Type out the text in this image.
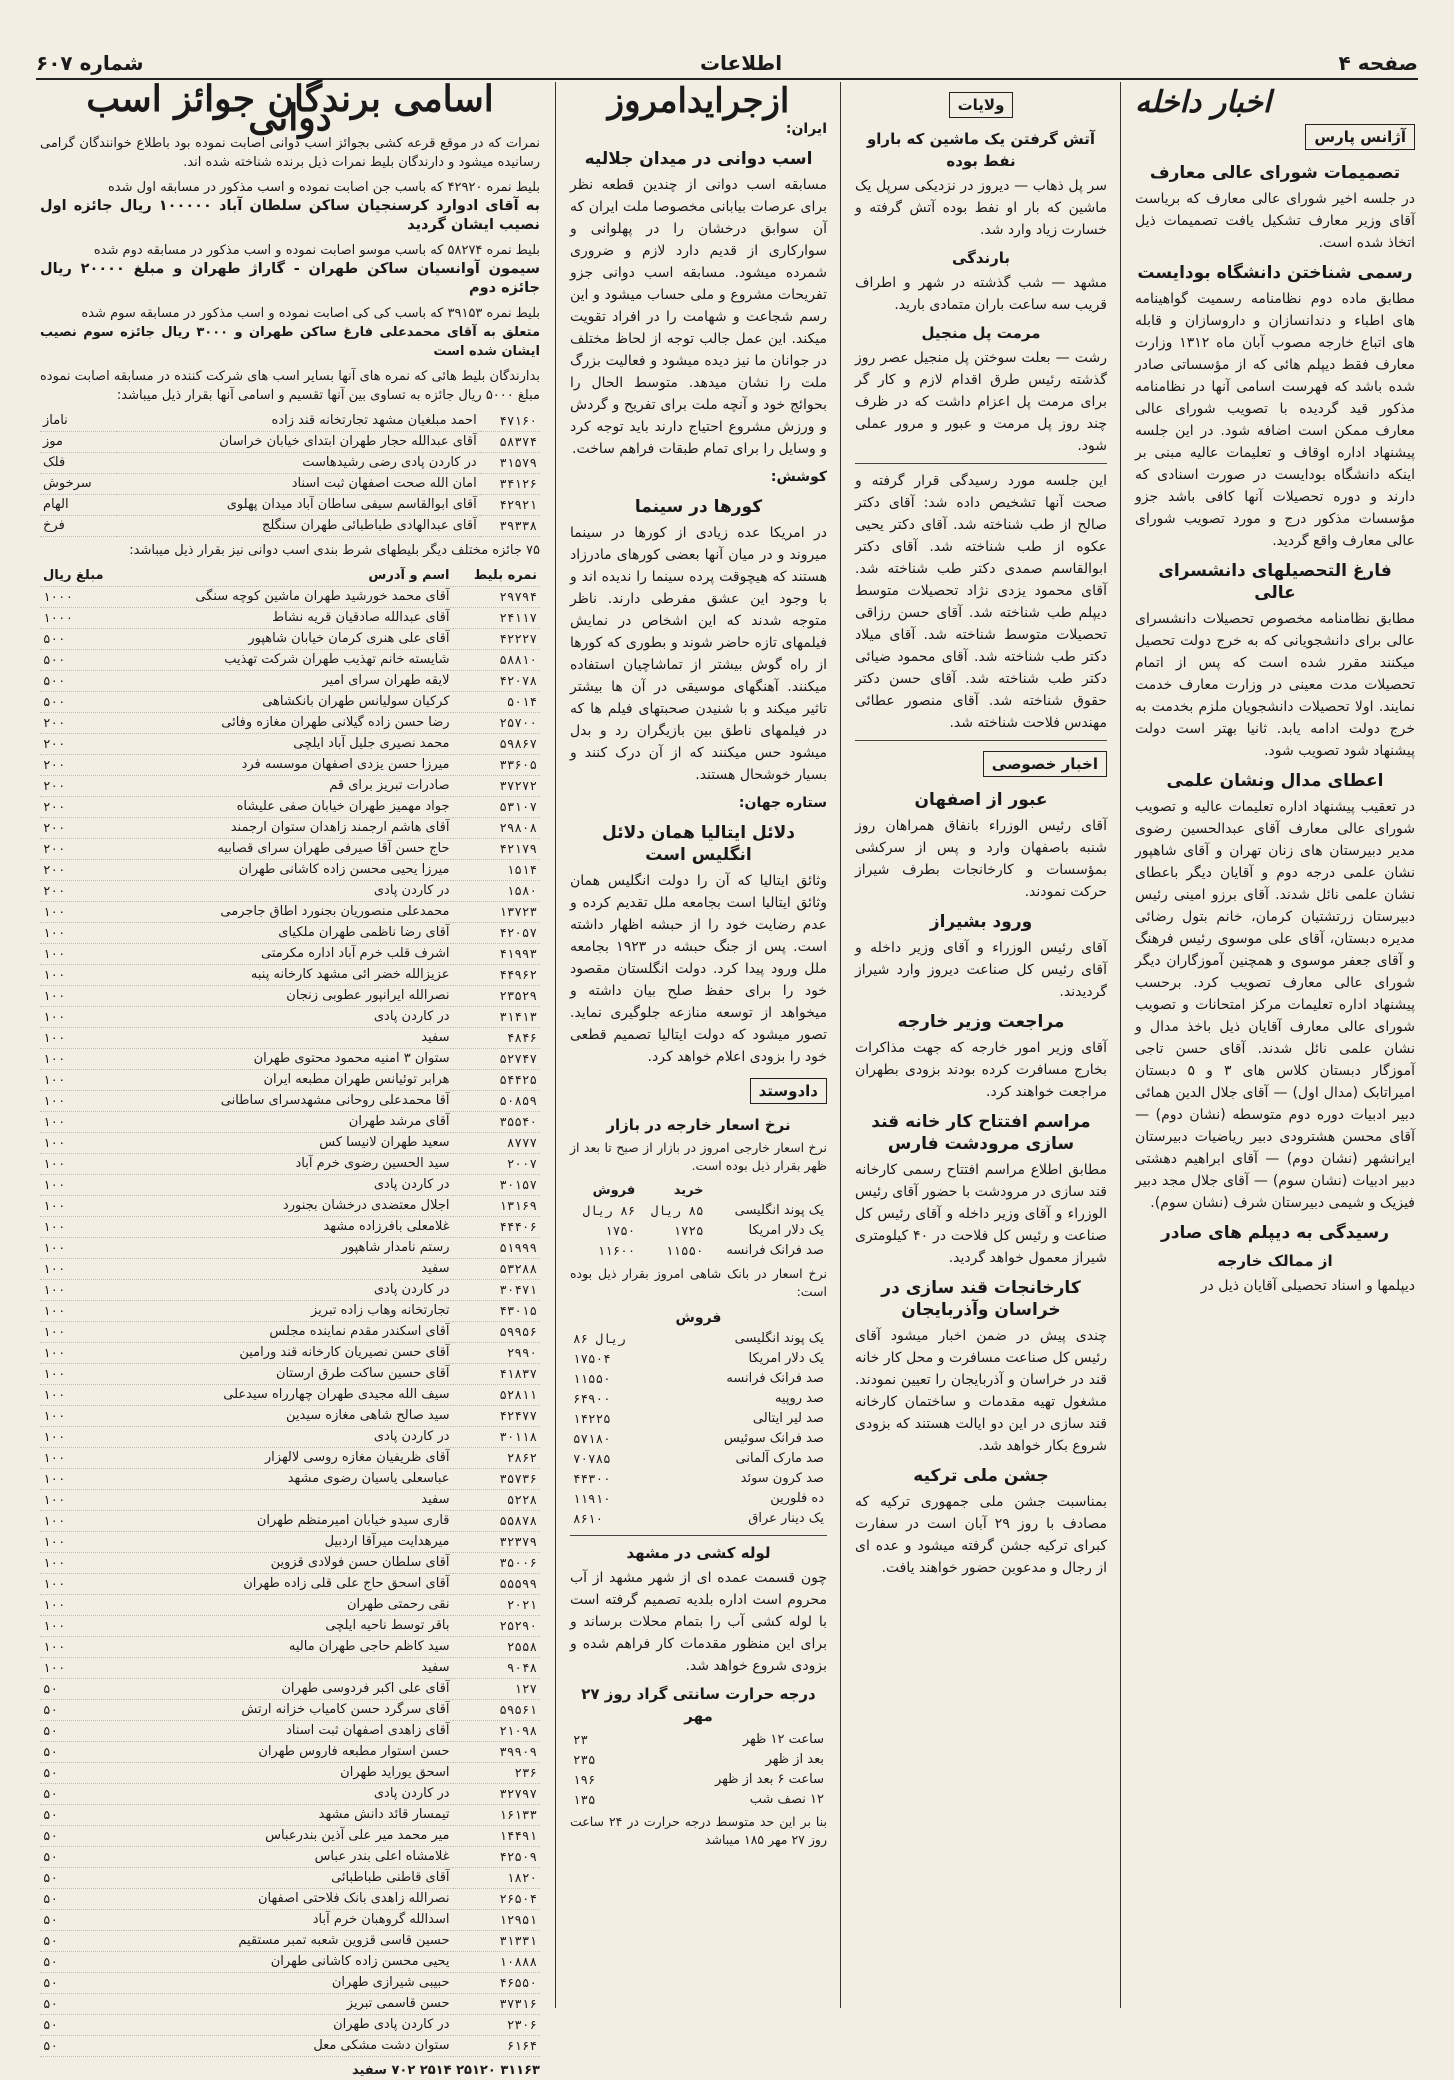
صفحه ۴
اطلاعات
شماره ۶۰۷
اخبار داخله
آژانس پارس
تصمیمات شورای عالی معارف

در جلسه اخیر شورای عالی معارف که بریاست آقای وزیر معارف تشکیل یافت تصمیمات ذیل اتخاذ شده است.

رسمی شناختن دانشگاه بودایست

مطابق ماده دوم نظامنامه رسمیت گواهینامه های اطباء و دندانسازان و داروسازان و قابله های اتباع خارجه مصوب آبان ماه ۱۳۱۲ وزارت معارف فقط دیپلم هائی که از مؤسساتی صادر شده باشد که فهرست اسامی آنها در نظامنامه مذکور قید گردیده با تصویب شورای عالی معارف ممکن است اضافه شود. در این جلسه پیشنهاد اداره اوقاف و تعلیمات عالیه مبنی بر اینکه دانشگاه بودایست در صورت اسنادی که دارند و دوره تحصیلات آنها کافی باشد جزو مؤسسات مذکور درج و مورد تصویب شورای عالی معارف واقع گردید.

فارغ التحصیلهای دانشسرای عالی

مطابق نظامنامه مخصوص تحصیلات دانشسرای عالی برای دانشجویانی که به خرج دولت تحصیل میکنند مقرر شده است که پس از اتمام تحصیلات مدت معینی در وزارت معارف خدمت نمایند. اولا تحصیلات دانشجویان ملزم بخدمت به خرج دولت ادامه یابد. ثانیا بهتر است دولت پیشنهاد شود تصویب شود.

اعطای مدال ونشان علمی

در تعقیب پیشنهاد اداره تعلیمات عالیه و تصویب شورای عالی معارف آقای عبدالحسین رضوی مدیر دبیرستان های زنان تهران و آقای شاهپور نشان علمی درجه دوم و آقایان دیگر باعطای نشان علمی نائل شدند. آقای برزو امینی رئیس دبیرستان زرتشتیان کرمان، خانم بتول رضائی مدیره دبستان، آقای علی موسوی رئیس فرهنگ و آقای جعفر موسوی و همچنین آموزگاران دیگر شورای عالی معارف تصویب کرد. برحسب پیشنهاد اداره تعلیمات مرکز امتحانات و تصویب شورای عالی معارف آقایان ذیل باخذ مدال و نشان علمی نائل شدند. آقای حسن تاجی آموزگار دبستان کلاس های ۳ و ۵ دبستان امیراتابک (مدال اول) — آقای جلال الدین همائی دبیر ادبیات دوره دوم متوسطه (نشان دوم) — آقای محسن هشترودی دبیر ریاضیات دبیرستان ایرانشهر (نشان دوم) — آقای ابراهیم دهشتی دبیر ادبیات (نشان سوم) — آقای جلال مجد دبیر فیزیک و شیمی دبیرستان شرف (نشان سوم).

رسیدگی به دیپلم های صادر
از ممالک خارجه

دیپلمها و اسناد تحصیلی آقایان ذیل در

ولایات
آتش گرفتن یک ماشین که باراو نفط بوده

سر پل ذهاب — دیروز در نزدیکی سرپل یک ماشین که بار او نفط بوده آتش گرفته و خسارت زیاد وارد شد.

بارندگی

مشهد — شب گذشته در شهر و اطراف قریب سه ساعت باران متمادی بارید.

مرمت پل منجیل

رشت — بعلت سوختن پل منجیل عصر روز گذشته رئیس طرق اقدام لازم و کار گر برای مرمت پل اعزام داشت که در ظرف چند روز پل مرمت و عبور و مرور عملی شود.

این جلسه مورد رسیدگی قرار گرفته و صحت آنها تشخیص داده شد: آقای دکتر صالح از طب شناخته شد. آقای دکتر یحیی عکوه از طب شناخته شد. آقای دکتر ابوالقاسم صمدی دکتر طب شناخته شد. آقای محمود یزدی نژاد تحصیلات متوسط دیپلم طب شناخته شد. آقای حسن رزاقی تحصیلات متوسط شناخته شد. آقای میلاد دکتر طب شناخته شد. آقای محمود ضیائی دکتر طب شناخته شد. آقای حسن دکتر حقوق شناخته شد. آقای منصور عطائی مهندس فلاحت شناخته شد.

اخبار خصوصی
عبور از اصفهان

آقای رئیس الوزراء بانفاق همراهان روز شنبه باصفهان وارد و پس از سرکشی بمؤسسات و کارخانجات بطرف شیراز حرکت نمودند.

ورود بشیراز

آقای رئیس الوزراء و آقای وزیر داخله و آقای رئیس کل صناعت دیروز وارد شیراز گردیدند.

مراجعت وزیر خارجه

آقای وزیر امور خارجه که جهت مذاکرات بخارج مسافرت کرده بودند بزودی بطهران مراجعت خواهند کرد.

مراسم افتتاح کار خانه قند سازی مرودشت فارس

مطابق اطلاع مراسم افتتاح رسمی کارخانه قند سازی در مرودشت با حضور آقای رئیس الوزراء و آقای وزیر داخله و آقای رئیس کل صناعت و رئیس کل فلاحت در ۴۰ کیلومتری شیراز معمول خواهد گردید.

کارخانجات قند سازی در خراسان وآذربایجان

چندی پیش در ضمن اخبار میشود آقای رئیس کل صناعت مسافرت و محل کار خانه قند در خراسان و آذربایجان را تعیین نمودند. مشغول تهیه مقدمات و ساختمان کارخانه قند سازی در این دو ایالت هستند که بزودی شروع بکار خواهد شد.

جشن ملی ترکیه

بمناسبت جشن ملی جمهوری ترکیه که مصادف با روز ۲۹ آبان است در سفارت کبرای ترکیه جشن گرفته میشود و عده ای از رجال و مدعوین حضور خواهند یافت.

ازجرایدامروز
ایران:
اسب دوانی در میدان جلالیه

مسابقه اسب دوانی از چندین قطعه نظر برای عرصات بیابانی مخصوصا ملت ایران که آن سوابق درخشان را در پهلوانی و سوارکاری از قدیم دارد لازم و ضروری شمرده میشود. مسابقه اسب دوانی جزو تفریحات مشروع و ملی حساب میشود و این رسم شجاعت و شهامت را در افراد تقویت میکند. این عمل جالب توجه از لحاظ مختلف در جوانان ما نیز دیده میشود و فعالیت بزرگ ملت را نشان میدهد. متوسط الحال را بحوائج خود و آنچه ملت برای تفریح و گردش و ورزش مشروع احتیاج دارند باید توجه کرد و وسایل را برای تمام طبقات فراهم ساخت.

کوشش:
کورها در سینما

در امریکا عده زیادی از کورها در سینما میروند و در میان آنها بعضی کورهای مادرزاد هستند که هیچوقت پرده سینما را ندیده اند و با وجود این عشق مفرطی دارند. ناظر متوجه شدند که این اشخاص در نمایش فیلمهای تازه حاضر شوند و بطوری که کورها از راه گوش بیشتر از تماشاچیان استفاده میکنند. آهنگهای موسیقی در آن ها بیشتر تاثیر میکند و با شنیدن صحبتهای فیلم ها که در فیلمهای ناطق بین بازیگران رد و بدل میشود حس میکنند که از آن درک کنند و بسیار خوشحال هستند.

ستاره جهان:
دلائل ایتالیا همان دلائل انگلیس است

وثائق ایتالیا که آن را دولت انگلیس همان وثائق ایتالیا است بجامعه ملل تقدیم کرده و عدم رضایت خود را از حبشه اظهار داشته است. پس از جنگ حبشه در ۱۹۲۳ بجامعه ملل ورود پیدا کرد. دولت انگلستان مقصود خود را برای حفظ صلح بیان داشته و میخواهد از توسعه منازعه جلوگیری نماید. تصور میشود که دولت ایتالیا تصمیم قطعی خود را بزودی اعلام خواهد کرد.

دادوستد
نرخ اسعار خارجه در بازار

نرخ اسعار خارجی امروز در بازار از صبح تا بعد از ظهر بقرار ذیل بوده است.

	خرید	فروش
یک پوند انگلیسی	۸۵ ریال	۸۶ ریال
یک دلار امریکا	۱۷۲۵	۱۷۵۰
صد فرانک فرانسه	۱۱۵۵۰	۱۱۶۰۰

نرخ اسعار در بانک شاهی امروز بقرار ذیل بوده است:

فروش
یک پوند انگلیسی	۸۶ ریال
یک دلار امریکا	۱۷۵۰۴
صد فرانک فرانسه	۱۱۵۵۰
صد روپیه	۶۴۹۰۰
صد لیر ایتالی	۱۴۲۲۵
صد فرانک سوئیس	۵۷۱۸۰
صد مارک آلمانی	۷۰۷۸۵
صد کرون سوئد	۴۴۳۰۰
ده فلورین	۱۱۹۱۰
یک دینار عراق	۸۶۱۰
لوله کشی در مشهد

چون قسمت عمده ای از شهر مشهد از آب محروم است اداره بلدیه تصمیم گرفته است با لوله کشی آب را بتمام محلات برساند و برای این منظور مقدمات کار فراهم شده و بزودی شروع خواهد شد.

درجه حرارت سانتی گراد روز ۲۷ مهر
ساعت ۱۲ ظهر	۲۳
بعد از ظهر	۲۳۵
ساعت ۶ بعد از ظهر	۱۹۶
۱۲ نصف شب	۱۳۵

بنا بر این حد متوسط درجه حرارت در ۲۴ ساعت روز ۲۷ مهر ۱۸۵ میباشد

اسامی برندگان جوائز اسب دوانی

نمرات که در موقع قرعه کشی بجوائز اسب دوانی اصابت نموده بود باطلاع خوانندگان گرامی رسانیده میشود و دارندگان بلیط نمرات ذیل برنده شناخته شده اند.

بلیط نمره ۴۲۹۲۰ که باسب جن اصابت نموده و اسب مذکور در مسابقه اول شده

به آقای ادوارد کرسنجیان ساکن سلطان آباد ۱۰۰۰۰۰ ریال جائزه اول نصیب ایشان گردید

بلیط نمره ۵۸۲۷۴ که باسب موسو اصابت نموده و اسب مذکور در مسابقه دوم شده

سیمون آوانسیان ساکن طهران - گاراژ طهران و مبلغ ۲۰۰۰۰ ریال جائزه دوم

بلیط نمره ۳۹۱۵۳ که باسب کی کی اصابت نموده و اسب مذکور در مسابقه سوم شده

متعلق به آقای محمدعلی فارغ ساکن طهران و ۳۰۰۰ ریال جائزه سوم نصیب ایشان شده است

بدارندگان بلیط هائی که نمره های آنها بسایر اسب های شرکت کننده در مسابقه اصابت نموده مبلغ ۵۰۰۰ ریال جائزه به تساوی بین آنها تقسیم و اسامی آنها بقرار ذیل میباشد:

۴۷۱۶۰	احمد مبلغیان مشهد تجارتخانه قند زاده	ناماز
۵۸۳۷۴	آقای عبدالله حجار طهران ابتدای خیابان خراسان	موز
۳۱۵۷۹	در کاردن پادی رضی رشیدهاست	فلک
۳۴۱۲۶	امان الله صحت اصفهان ثبت اسناد	سرخوش
۴۲۹۲۱	آقای ابوالقاسم سیفی ساطان آباد میدان پهلوی	الهام
۳۹۳۳۸	آقای عبدالهادی طباطبائی طهران سنگلج	فرخ

۷۵ جائزه مختلف دیگر بلیطهای شرط بندی اسب دوانی نیز بقرار ذیل میباشد:

نمره بلیط	اسم و آدرس	مبلغ ریال
۲۹۷۹۴	آقای محمد خورشید طهران ماشین کوچه سنگی	۱۰۰۰
۲۴۱۱۷	آقای عبدالله صادقیان قریه نشاط	۱۰۰۰
۴۲۲۲۷	آقای علی هنری کرمان خیابان شاهپور	۵۰۰
۵۸۸۱۰	شایسته خانم تهذیب طهران شرکت تهذیب	۵۰۰
۴۲۰۷۸	لایقه طهران سرای امیر	۵۰۰
۵۰۱۴	کرکیان سولیانس طهران بانکشاهی	۵۰۰
۲۵۷۰۰	رضا حسن زاده گیلانی طهران مغازه وفائی	۲۰۰
۵۹۸۶۷	محمد نصیری جلیل آباد ایلچی	۲۰۰
۳۳۶۰۵	میرزا حسن یزدی اصفهان موسسه فرد	۲۰۰
۳۷۲۷۲	صادرات تبریز برای قم	۲۰۰
۵۳۱۰۷	جواد مهمیز طهران خیابان صفی علیشاه	۲۰۰
۲۹۸۰۸	آقای هاشم ارجمند زاهدان ستوان ارجمند	۲۰۰
۴۲۱۷۹	حاج حسن آقا صیرفی طهران سرای قصابیه	۲۰۰
۱۵۱۴	میرزا یحیی محسن زاده کاشانی طهران	۲۰۰
۱۵۸۰	در کاردن پادی	۲۰۰
۱۳۷۲۳	محمدعلی منصوریان بجنورد اطاق جاجرمی	۱۰۰
۴۲۰۵۷	آقای رضا ناظمی طهران ملکیای	۱۰۰
۴۱۹۹۳	اشرف قلب خرم آباد اداره مکرمتی	۱۰۰
۴۴۹۶۲	عزیزالله خضر ائی مشهد کارخانه پنبه	۱۰۰
۲۳۵۲۹	نصرالله ایرانپور عطوبی زنجان	۱۰۰
۳۱۴۱۳	در کاردن پادی	۱۰۰
۴۸۴۶	سفید	۱۰۰
۵۲۷۴۷	ستوان ۳ امنیه محمود محتوی طهران	۱۰۰
۵۴۴۲۵	هرابر توئیانس طهران مطبعه ایران	۱۰۰
۵۰۸۵۹	آقا محمدعلی روحانی مشهدسرای ساطانی	۱۰۰
۳۵۵۴۰	آقای مرشد طهران	۱۰۰
۸۷۷۷	سعید طهران لانیسا کس	۱۰۰
۲۰۰۷	سید الحسین رضوی خرم آباد	۱۰۰
۳۰۱۵۷	در کاردن پادی	۱۰۰
۱۳۱۶۹	اجلال معتضدی درخشان بجنورد	۱۰۰
۴۴۴۰۶	غلامعلی بافرزاده مشهد	۱۰۰
۵۱۹۹۹	رستم نامدار شاهپور	۱۰۰
۵۳۲۸۸	سفید	۱۰۰
۳۰۴۷۱	در کاردن پادی	۱۰۰
۴۳۰۱۵	تجارتخانه وهاب زاده تبریز	۱۰۰
۵۹۹۵۶	آقای اسکندر مقدم نماینده مجلس	۱۰۰
۲۹۹۰	آقای حسن نصیریان کارخانه قند ورامین	۱۰۰
۴۱۸۳۷	آقای حسین ساکت طرق ارستان	۱۰۰
۵۲۸۱۱	سیف الله مجیدی طهران چهارراه سیدعلی	۱۰۰
۴۲۴۷۷	سید صالح شاهی مغازه سیدین	۱۰۰
۳۰۱۱۸	در کاردن پادی	۱۰۰
۲۸۶۲	آقای ظریفیان مغازه روسی لالهزار	۱۰۰
۳۵۷۳۶	عباسعلی یاسیان رضوی مشهد	۱۰۰
۵۲۲۸	سفید	۱۰۰
۵۵۸۷۸	قاری سیدو خیابان امیرمنظم طهران	۱۰۰
۳۲۳۷۹	میرهدایت میرآقا اردبیل	۱۰۰
۳۵۰۰۶	آقای سلطان حسن فولادی قزوین	۱۰۰
۵۵۵۹۹	آقای اسحق حاج علی قلی زاده طهران	۱۰۰
۲۰۲۱	نقی رحمتی طهران	۱۰۰
۲۵۲۹۰	باقر توسط ناحیه ایلچی	۱۰۰
۲۵۵۸	سید کاظم حاجی طهران مالیه	۱۰۰
۹۰۴۸	سفید	۱۰۰
۱۲۷	آقای علی اکبر فردوسی طهران	۵۰
۵۹۵۶۱	آقای سرگرد حسن کامیاب خزانه ارتش	۵۰
۲۱۰۹۸	آقای زاهدی اصفهان ثبت اسناد	۵۰
۳۹۹۰۹	حسن استوار مطبعه فاروس طهران	۵۰
۲۳۶	اسحق یوراید طهران	۵۰
۳۲۷۹۷	در کاردن پادی	۵۰
۱۶۱۳۳	تیمسار قائد دانش مشهد	۵۰
۱۴۴۹۱	میر محمد میر علی آذین بندرعباس	۵۰
۴۲۵۰۹	غلامشاه اعلی بندر عباس	۵۰
۱۸۲۰	آقای قاطنی طباطبائی	۵۰
۲۶۵۰۴	نصرالله زاهدی بانک فلاحتی اصفهان	۵۰
۱۲۹۵۱	اسدالله گروهبان خرم آباد	۵۰
۳۱۳۳۱	حسین قاسی قزوین شعبه تمبر مستقیم	۵۰
۱۰۸۸۸	یحیی محسن زاده کاشانی طهران	۵۰
۴۶۵۵۰	حبیبی شیرازی طهران	۵۰
۳۷۳۱۶	حسن قاسمی تبریز	۵۰
۲۳۰۶	در کاردن پادی طهران	۵۰
۶۱۶۴	ستوان دشت مشکی معل	۵۰
۳۱۱۶۳ ۲۵۱۲۰ ۲۵۱۴ ۷۰۲ سفید
